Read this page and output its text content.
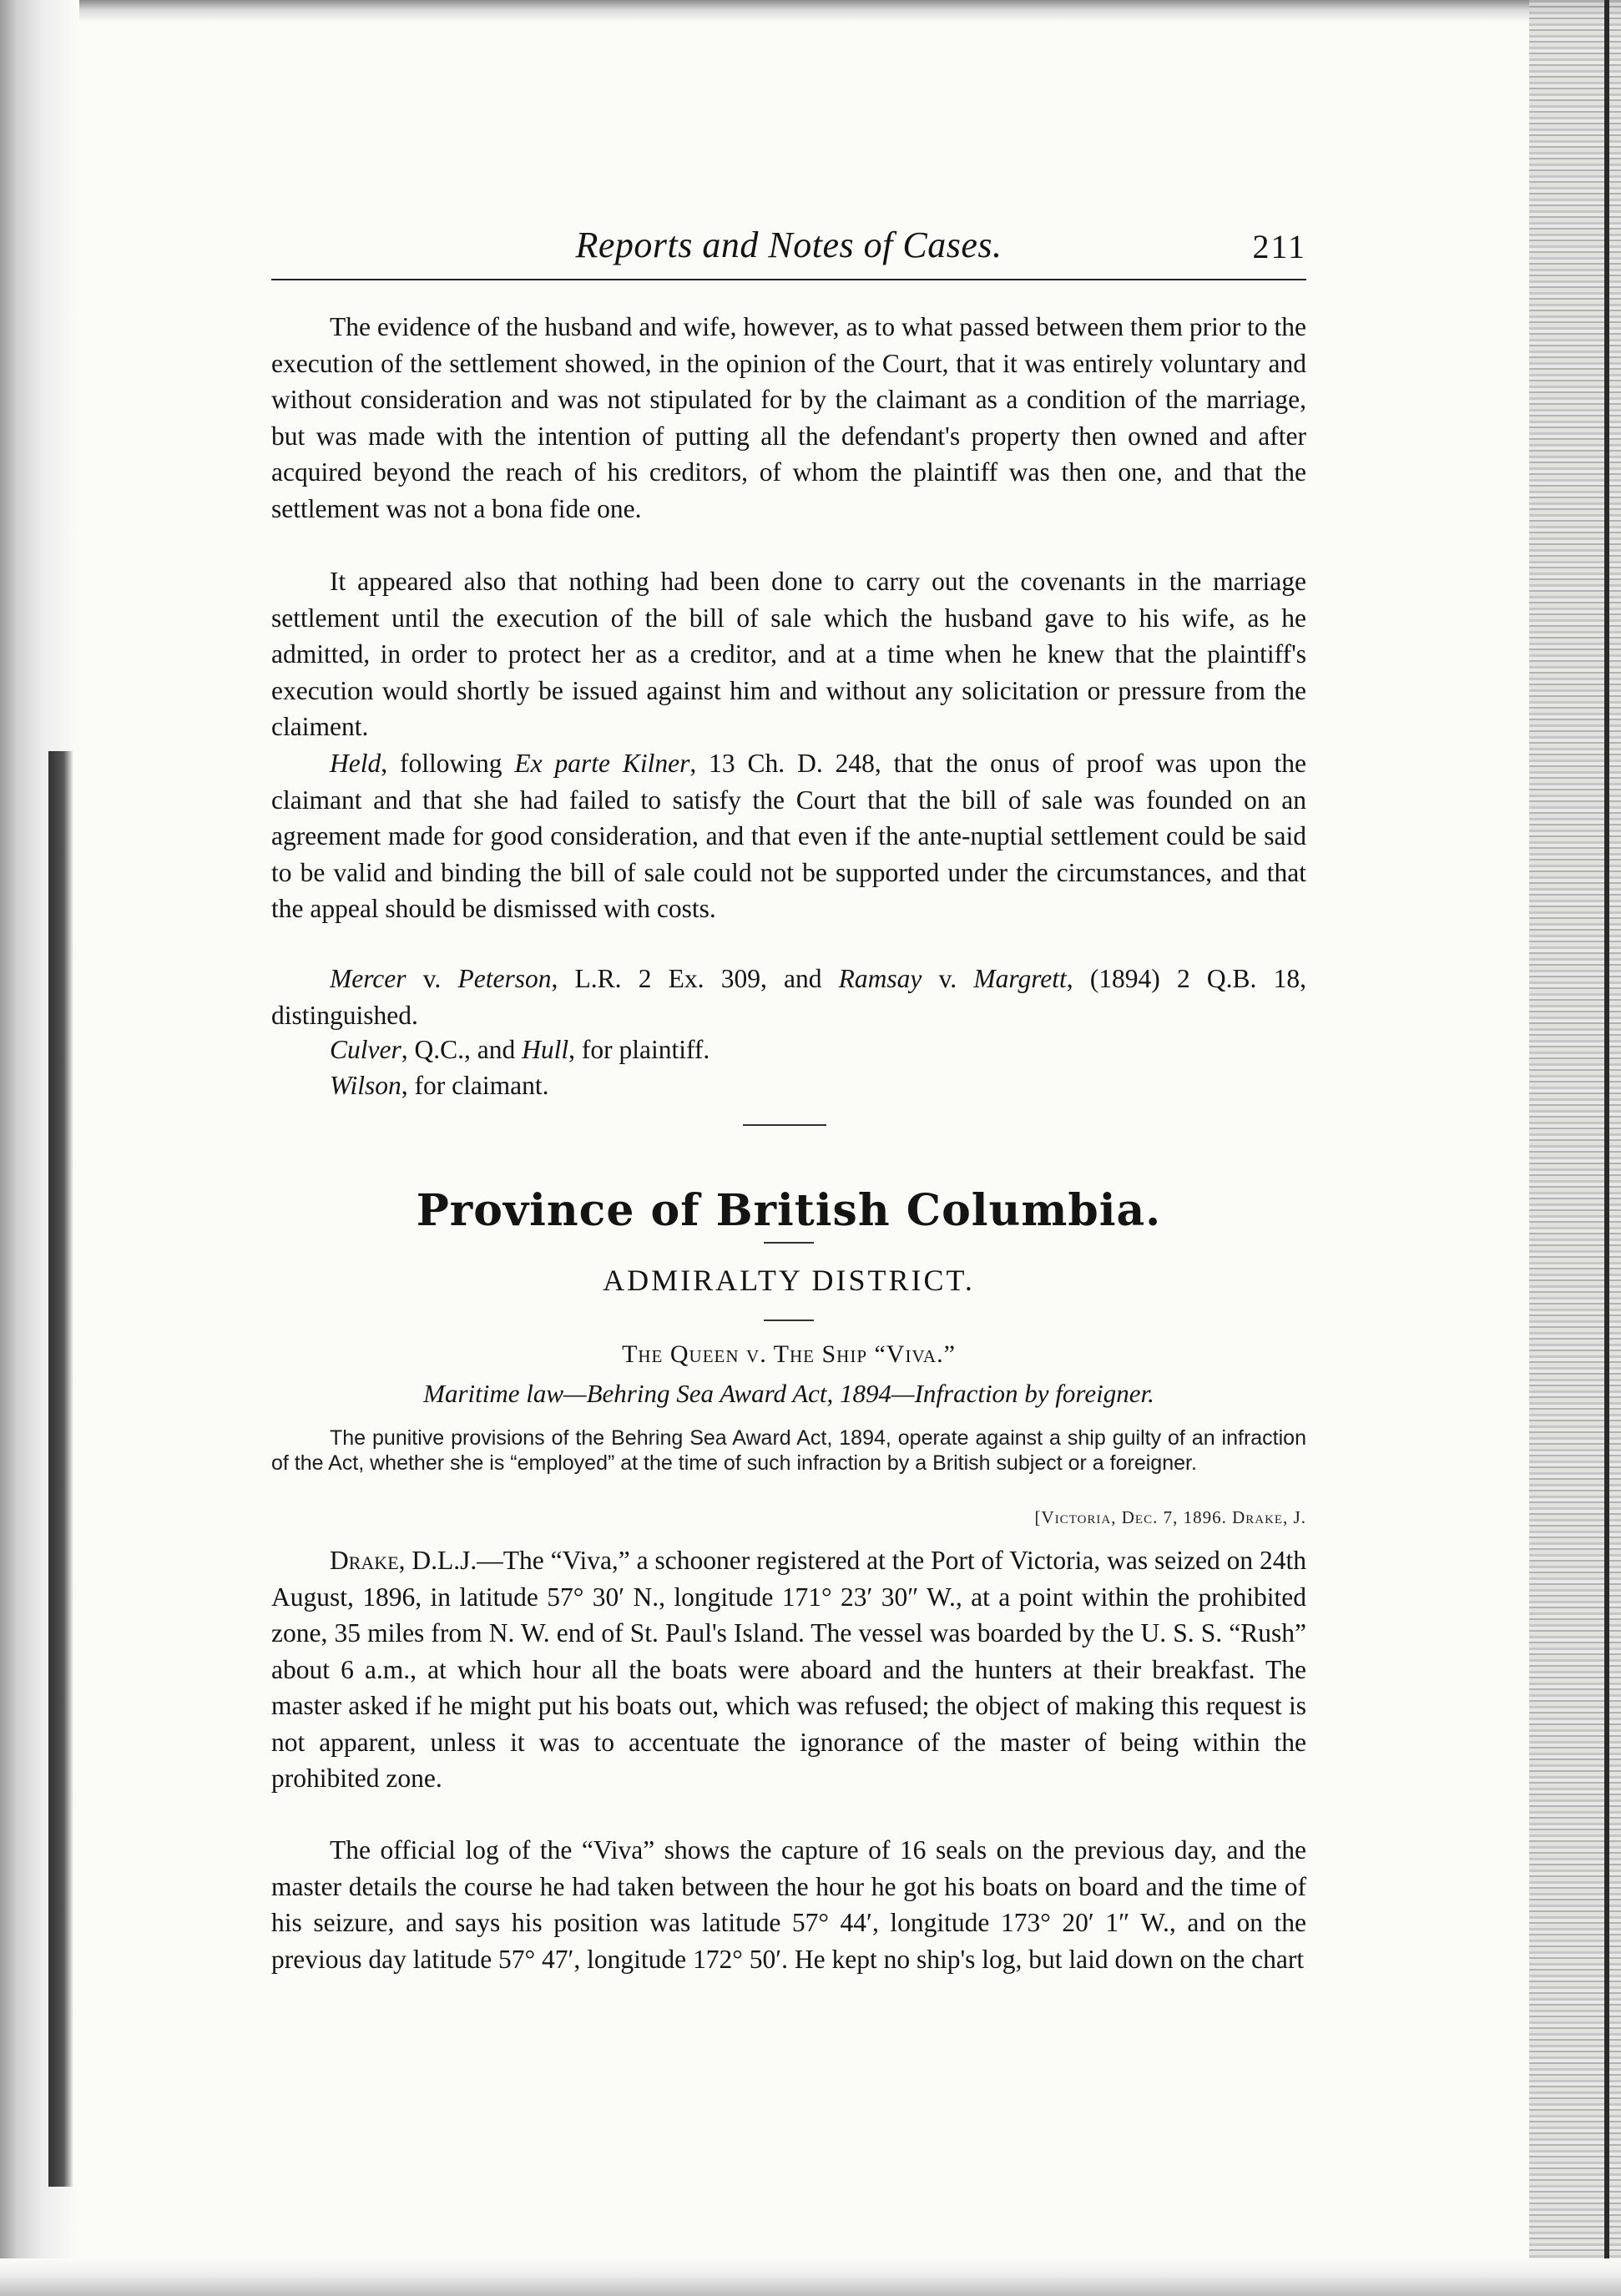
Reports and Notes of Cases.	211

The evidence of the husband and wife, however, as to what passed between them prior to the execution of the settlement showed, in the opinion of the Court, that it was entirely voluntary and without consideration and was not stipulated for by the claimant as a condition of the marriage, but was made with the intention of putting all the defendant's property then owned and after acquired beyond the reach of his creditors, of whom the plaintiff was then one, and that the settlement was not a bona fide one.

It appeared also that nothing had been done to carry out the covenants in the marriage settlement until the execution of the bill of sale which the husband gave to his wife, as he admitted, in order to protect her as a creditor, and at a time when he knew that the plaintiff's execution would shortly be issued against him and without any solicitation or pressure from the claiment.

Held, following Ex parte Kilner, 13 Ch. D. 248, that the onus of proof was upon the claimant and that she had failed to satisfy the Court that the bill of sale was founded on an agreement made for good consideration, and that even if the ante-nuptial settlement could be said to be valid and binding the bill of sale could not be supported under the circumstances, and that the appeal should be dismissed with costs.

Mercer v. Peterson, L.R. 2 Ex. 309, and Ramsay v. Margrett, (1894) 2 Q.B. 18, distinguished.

Culver, Q.C., and Hull, for plaintiff.
Wilson, for claimant.
Province of British Columbia.
ADMIRALTY DISTRICT.
The Queen v. The Ship “Viva.”
Maritime law—Behring Sea Award Act, 1894—Infraction by foreigner.

The punitive provisions of the Behring Sea Award Act, 1894, operate against a ship guilty of an infraction of the Act, whether she is “employed” at the time of such infraction by a British subject or a foreigner.

[Victoria, Dec. 7, 1896. Drake, J.

Drake, D.L.J.—The “Viva,” a schooner registered at the Port of Victoria, was seized on 24th August, 1896, in latitude 57° 30′ N., longitude 171° 23′ 30″ W., at a point within the prohibited zone, 35 miles from N. W. end of St. Paul's Island. The vessel was boarded by the U. S. S. “Rush” about 6 a.m., at which hour all the boats were aboard and the hunters at their breakfast. The master asked if he might put his boats out, which was refused; the object of making this request is not apparent, unless it was to accentuate the ignorance of the master of being within the prohibited zone.

The official log of the “Viva” shows the capture of 16 seals on the previous day, and the master details the course he had taken between the hour he got his boats on board and the time of his seizure, and says his position was latitude 57° 44′, longitude 173° 20′ 1″ W., and on the previous day latitude 57° 47′, longitude 172° 50′. He kept no ship's log, but laid down on the chart
